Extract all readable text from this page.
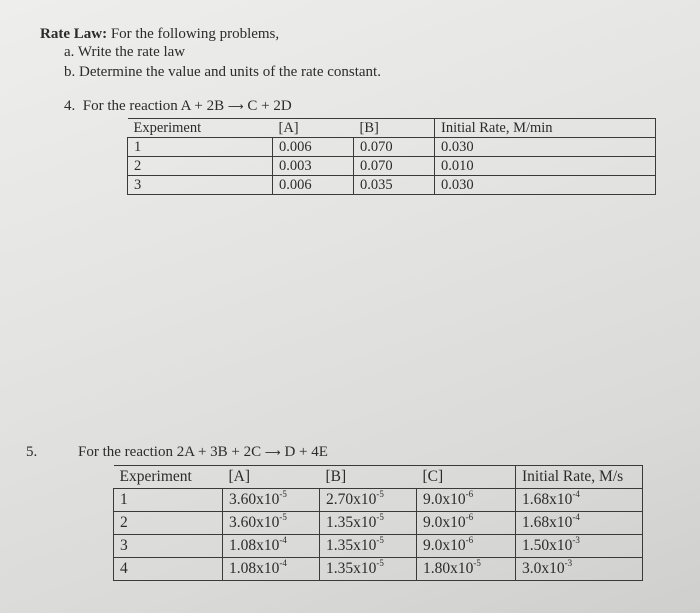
Rate Law: For the following problems,
a. Write the rate law
b. Determine the value and units of the rate constant.
4. For the reaction A + 2B ⟶ C + 2D
Experiment	[A]	[B]	Initial Rate, M/min
1	0.006	0.070	0.030
2	0.003	0.070	0.010
3	0.006	0.035	0.030
5.	For the reaction 2A + 3B + 2C ⟶ D + 4E
Experiment	[A]	[B]	[C]	Initial Rate, M/s
1	$3.60x10^{-5}$	$2.70x10^{-5}$	$9.0x10^{-6}$	$1.68x10^{-4}$
2	$3.60x10^{-5}$	$1.35x10^{-5}$	$9.0x10^{-6}$	$1.68x10^{-4}$
3	$1.08x10^{-4}$	$1.35x10^{-5}$	$9.0x10^{-6}$	$1.50x10^{-3}$
4	$1.08x10^{-4}$	$1.35x10^{-5}$	$1.80x10^{-5}$	$3.0x10^{-3}$
